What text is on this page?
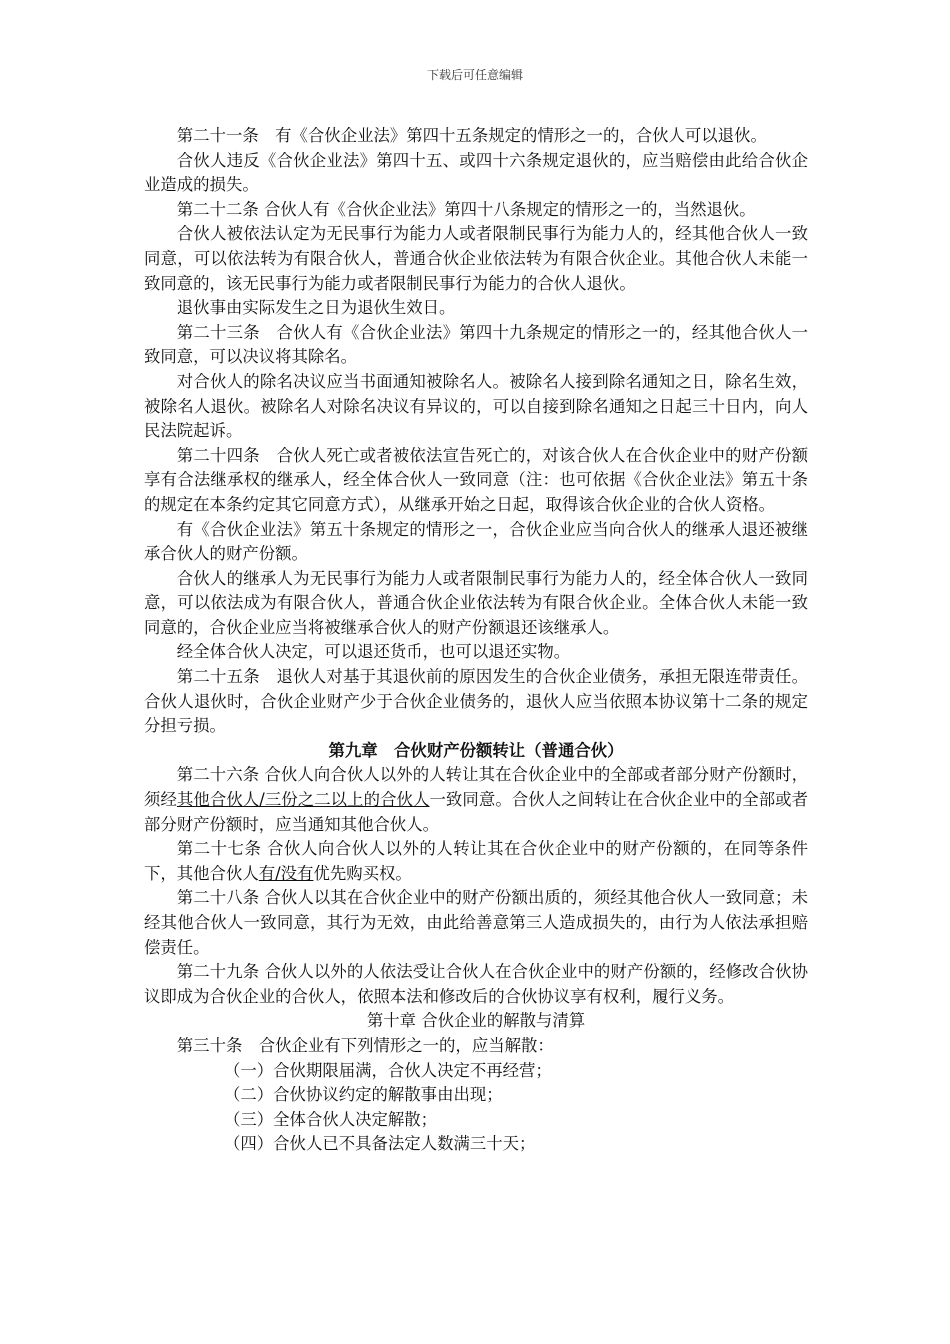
下载后可任意编辑

第二十一条　有《合伙企业法》第四十五条规定的情形之一的，合伙人可以退伙。

合伙人违反《合伙企业法》第四十五、或四十六条规定退伙的，应当赔偿由此给合伙企业造成的损失。

第二十二条 合伙人有《合伙企业法》第四十八条规定的情形之一的，当然退伙。

合伙人被依法认定为无民事行为能力人或者限制民事行为能力人的，经其他合伙人一致同意，可以依法转为有限合伙人，普通合伙企业依法转为有限合伙企业。其他合伙人未能一致同意的，该无民事行为能力或者限制民事行为能力的合伙人退伙。

退伙事由实际发生之日为退伙生效日。

第二十三条　合伙人有《合伙企业法》第四十九条规定的情形之一的，经其他合伙人一致同意，可以决议将其除名。

对合伙人的除名决议应当书面通知被除名人。被除名人接到除名通知之日，除名生效，被除名人退伙。被除名人对除名决议有异议的，可以自接到除名通知之日起三十日内，向人民法院起诉。

第二十四条　合伙人死亡或者被依法宣告死亡的，对该合伙人在合伙企业中的财产份额享有合法继承权的继承人，经全体合伙人一致同意（注：也可依据《合伙企业法》第五十条的规定在本条约定其它同意方式），从继承开始之日起，取得该合伙企业的合伙人资格。

有《合伙企业法》第五十条规定的情形之一，合伙企业应当向合伙人的继承人退还被继承合伙人的财产份额。

合伙人的继承人为无民事行为能力人或者限制民事行为能力人的，经全体合伙人一致同意，可以依法成为有限合伙人，普通合伙企业依法转为有限合伙企业。全体合伙人未能一致同意的，合伙企业应当将被继承合伙人的财产份额退还该继承人。

经全体合伙人决定，可以退还货币，也可以退还实物。

第二十五条　退伙人对基于其退伙前的原因发生的合伙企业债务，承担无限连带责任。合伙人退伙时，合伙企业财产少于合伙企业债务的，退伙人应当依照本协议第十二条的规定分担亏损。

第九章　合伙财产份额转让（普通合伙）

第二十六条 合伙人向合伙人以外的人转让其在合伙企业中的全部或者部分财产份额时，须经其他合伙人/三份之二以上的合伙人一致同意。合伙人之间转让在合伙企业中的全部或者部分财产份额时，应当通知其他合伙人。

第二十七条 合伙人向合伙人以外的人转让其在合伙企业中的财产份额的，在同等条件下，其他合伙人有/没有优先购买权。

第二十八条 合伙人以其在合伙企业中的财产份额出质的，须经其他合伙人一致同意；未经其他合伙人一致同意，其行为无效，由此给善意第三人造成损失的，由行为人依法承担赔偿责任。

第二十九条 合伙人以外的人依法受让合伙人在合伙企业中的财产份额的，经修改合伙协议即成为合伙企业的合伙人，依照本法和修改后的合伙协议享有权利，履行义务。

第十章 合伙企业的解散与清算

第三十条　合伙企业有下列情形之一的，应当解散：

（一）合伙期限届满，合伙人决定不再经营；

（二）合伙协议约定的解散事由出现；

（三）全体合伙人决定解散；

（四）合伙人已不具备法定人数满三十天；
